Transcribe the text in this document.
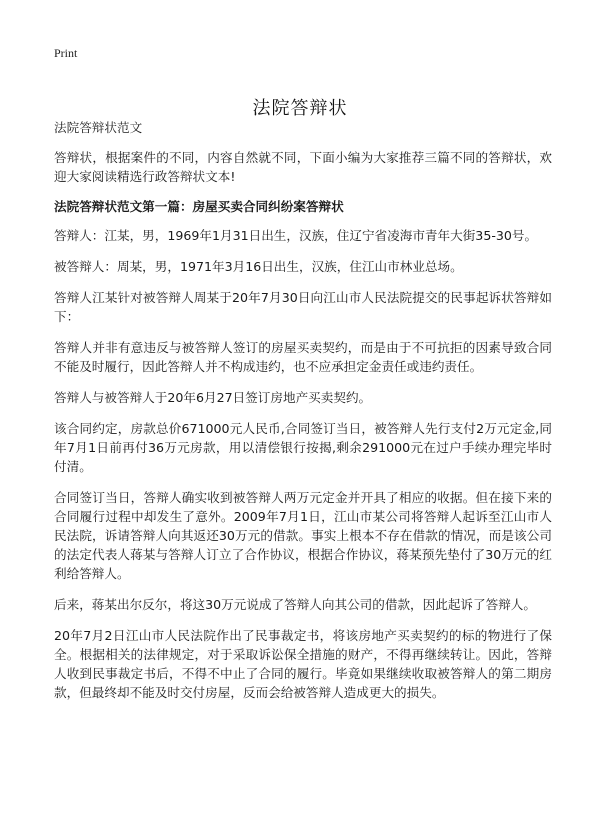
Print
法院答辩状

法院答辩状范文

答辩状，根据案件的不同，内容自然就不同，下面小编为大家推荐三篇不同的答辩状，欢迎大家阅读精选行政答辩状文本!

法院答辩状范文第一篇：房屋买卖合同纠纷案答辩状

答辩人：江某，男，1969年1月31日出生，汉族，住辽宁省凌海市青年大街35-30号。

被答辩人：周某，男，1971年3月16日出生，汉族，住江山市林业总场。

答辩人江某针对被答辩人周某于20年7月30日向江山市人民法院提交的民事起诉状答辩如下：

答辩人并非有意违反与被答辩人签订的房屋买卖契约，而是由于不可抗拒的因素导致合同不能及时履行，因此答辩人并不构成违约，也不应承担定金责任或违约责任。

答辩人与被答辩人于20年6月27日签订房地产买卖契约。

该合同约定，房款总价671000元人民币,合同签订当日，被答辩人先行支付2万元定金,同年7月1日前再付36万元房款，用以清偿银行按揭,剩余291000元在过户手续办理完毕时付清。

合同签订当日，答辩人确实收到被答辩人两万元定金并开具了相应的收据。但在接下来的合同履行过程中却发生了意外。2009年7月1日，江山市某公司将答辩人起诉至江山市人民法院，诉请答辩人向其返还30万元的借款。事实上根本不存在借款的情况，而是该公司的法定代表人蒋某与答辩人订立了合作协议，根据合作协议，蒋某预先垫付了30万元的红利给答辩人。

后来，蒋某出尔反尔，将这30万元说成了答辩人向其公司的借款，因此起诉了答辩人。

20年7月2日江山市人民法院作出了民事裁定书，将该房地产买卖契约的标的物进行了保全。根据相关的法律规定，对于采取诉讼保全措施的财产，不得再继续转让。因此，答辩人收到民事裁定书后，不得不中止了合同的履行。毕竟如果继续收取被答辩人的第二期房款，但最终却不能及时交付房屋，反而会给被答辩人造成更大的损失。
